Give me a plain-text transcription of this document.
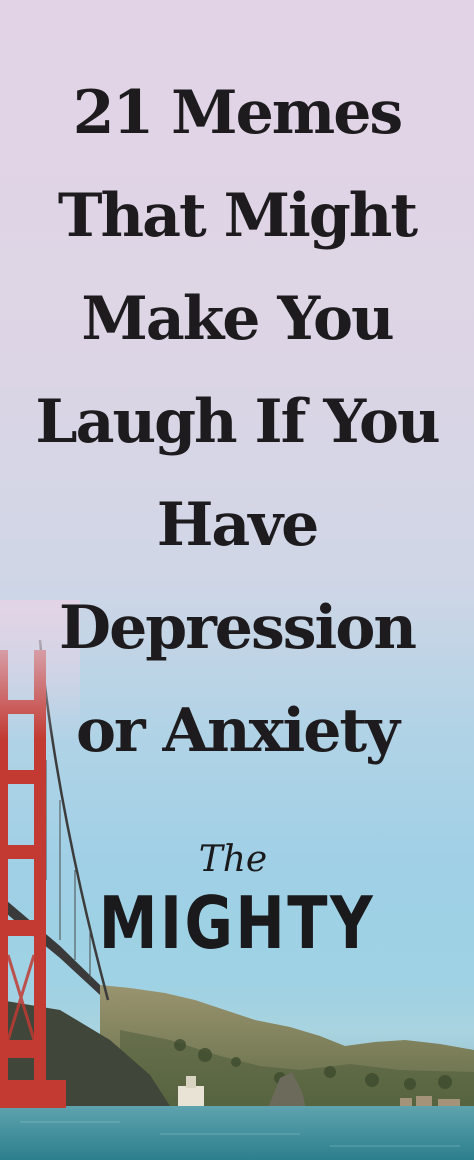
21 Memes
That Might
Make You
Laugh If You
Have
Depression
or Anxiety
The
MIGHTY
